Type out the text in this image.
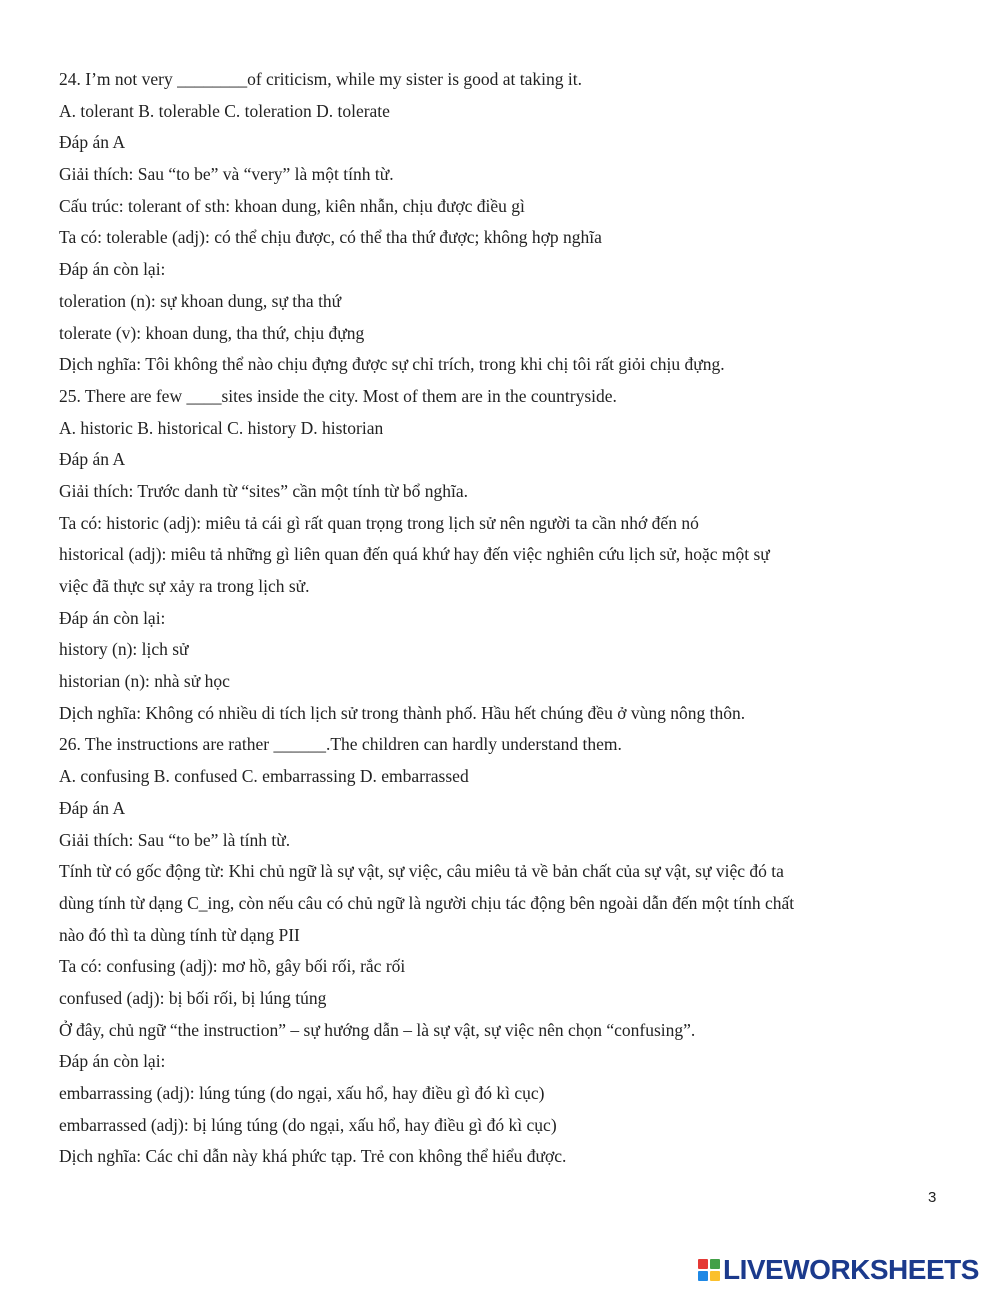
24. I’m not very ________of criticism, while my sister is good at taking it.
A. tolerant B. tolerable C. toleration D. tolerate
Đáp án A
Giải thích: Sau “to be” và “very” là một tính từ.
Cấu trúc: tolerant of sth: khoan dung, kiên nhẫn, chịu được điều gì
Ta có: tolerable (adj): có thể chịu được, có thể tha thứ được; không hợp nghĩa
Đáp án còn lại:
toleration (n): sự khoan dung, sự tha thứ
tolerate (v): khoan dung, tha thứ, chịu đựng
Dịch nghĩa: Tôi không thể nào chịu đựng được sự chỉ trích, trong khi chị tôi rất giỏi chịu đựng.
25. There are few ____sites inside the city. Most of them are in the countryside.
A. historic B. historical C. history D. historian
Đáp án A
Giải thích: Trước danh từ “sites” cần một tính từ bổ nghĩa.
Ta có: historic (adj): miêu tả cái gì rất quan trọng trong lịch sử nên người ta cần nhớ đến nó
historical (adj): miêu tả những gì liên quan đến quá khứ hay đến việc nghiên cứu lịch sử, hoặc một sự
việc đã thực sự xảy ra trong lịch sử.
Đáp án còn lại:
history (n): lịch sử
historian (n): nhà sử học
Dịch nghĩa: Không có nhiều di tích lịch sử trong thành phố. Hầu hết chúng đều ở vùng nông thôn.
26. The instructions are rather ______.The children can hardly understand them.
A. confusing B. confused C. embarrassing D. embarrassed
Đáp án A
Giải thích: Sau “to be” là tính từ.
Tính từ có gốc động từ: Khi chủ ngữ là sự vật, sự việc, câu miêu tả về bản chất của sự vật, sự việc đó ta
dùng tính từ dạng C_ing, còn nếu câu có chủ ngữ là người chịu tác động bên ngoài dẫn đến một tính chất
nào đó thì ta dùng tính từ dạng PII
Ta có: confusing (adj): mơ hồ, gây bối rối, rắc rối
confused (adj): bị bối rối, bị lúng túng
Ở đây, chủ ngữ “the instruction” – sự hướng dẫn – là sự vật, sự việc nên chọn “confusing”.
Đáp án còn lại:
embarrassing (adj): lúng túng (do ngại, xấu hổ, hay điều gì đó kì cục)
embarrassed (adj): bị lúng túng (do ngại, xấu hổ, hay điều gì đó kì cục)
Dịch nghĩa: Các chỉ dẫn này khá phức tạp. Trẻ con không thể hiểu được.
3
LIVEWORKSHEETS
